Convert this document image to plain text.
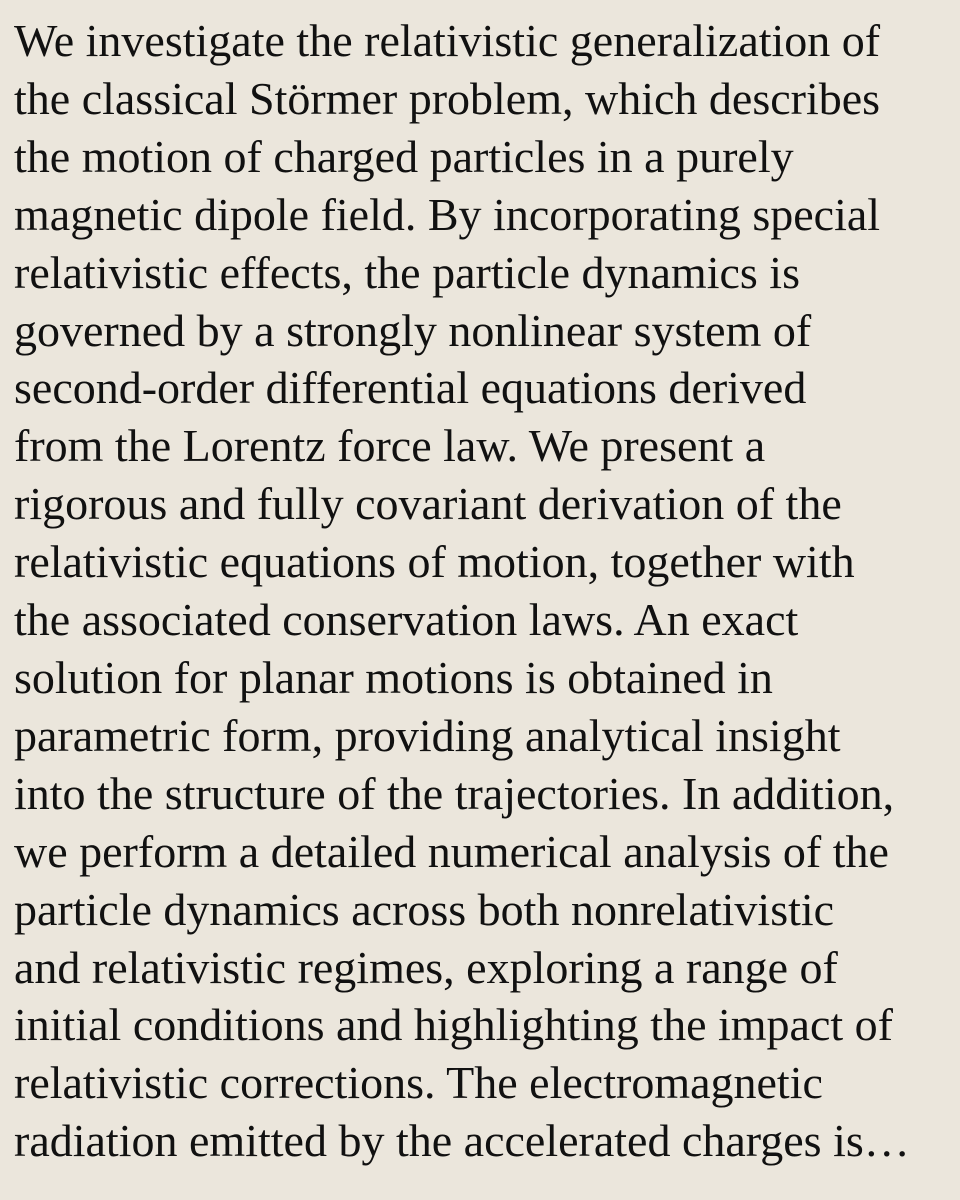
We investigate the relativistic generalization of
the classical Störmer problem, which describes
the motion of charged particles in a purely
magnetic dipole field. By incorporating special
relativistic effects, the particle dynamics is
governed by a strongly nonlinear system of
second-order differential equations derived
from the Lorentz force law. We present a
rigorous and fully covariant derivation of the
relativistic equations of motion, together with
the associated conservation laws. An exact
solution for planar motions is obtained in
parametric form, providing analytical insight
into the structure of the trajectories. In addition,
we perform a detailed numerical analysis of the
particle dynamics across both nonrelativistic
and relativistic regimes, exploring a range of
initial conditions and highlighting the impact of
relativistic corrections. The electromagnetic
radiation emitted by the accelerated charges is…
